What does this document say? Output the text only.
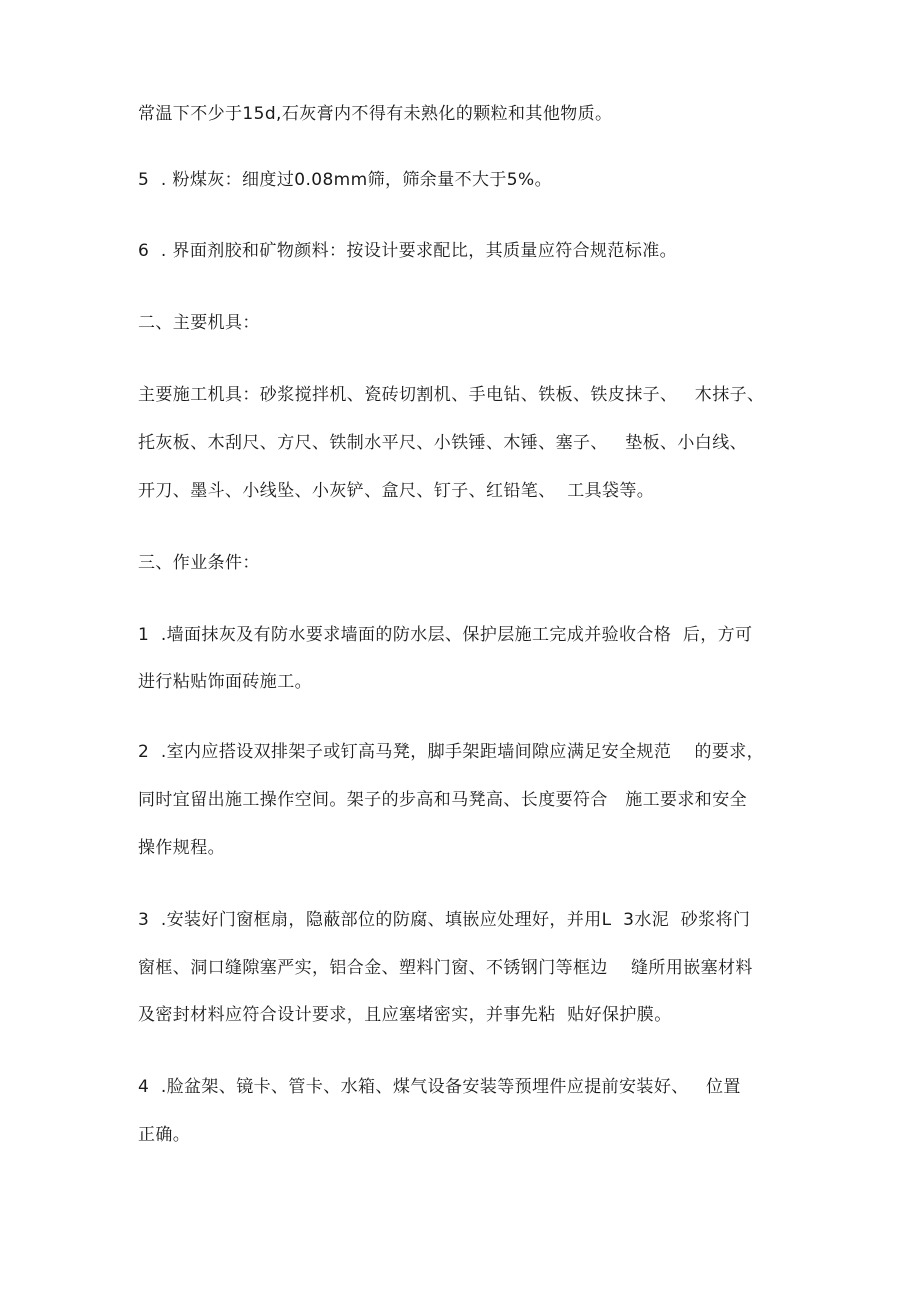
常温下不少于15d,石灰膏内不得有未熟化的颗粒和其他物质。
5  . 粉煤灰：细度过0.08mm筛，筛余量不大于5%。
6  . 界面剂胶和矿物颜料：按设计要求配比，其质量应符合规范标准。
二、主要机具：
主要施工机具：砂浆搅拌机、瓷砖切割机、手电钻、铁板、铁皮抹子、   木抹子、
托灰板、木刮尺、方尺、铁制水平尺、小铁锤、木锤、塞子、   垫板、小白线、
开刀、墨斗、小线坠、小灰铲、盒尺、钉子、红铅笔、  工具袋等。
三、作业条件：
1  .墙面抹灰及有防水要求墙面的防水层、保护层施工完成并验收合格  后，方可
进行粘贴饰面砖施工。
2  .室内应搭设双排架子或钉高马凳，脚手架距墙间隙应满足安全规范    的要求，
同时宜留出施工操作空间。架子的步高和马凳高、长度要符合   施工要求和安全
操作规程。
3  .安装好门窗框扇，隐蔽部位的防腐、填嵌应处理好，并用L  3水泥  砂浆将门
窗框、洞口缝隙塞严实，铝合金、塑料门窗、不锈钢门等框边    缝所用嵌塞材料
及密封材料应符合设计要求，且应塞堵密实，并事先粘  贴好保护膜。
4  .脸盆架、镜卡、管卡、水箱、煤气设备安装等预埋件应提前安装好、   位置
正确。
